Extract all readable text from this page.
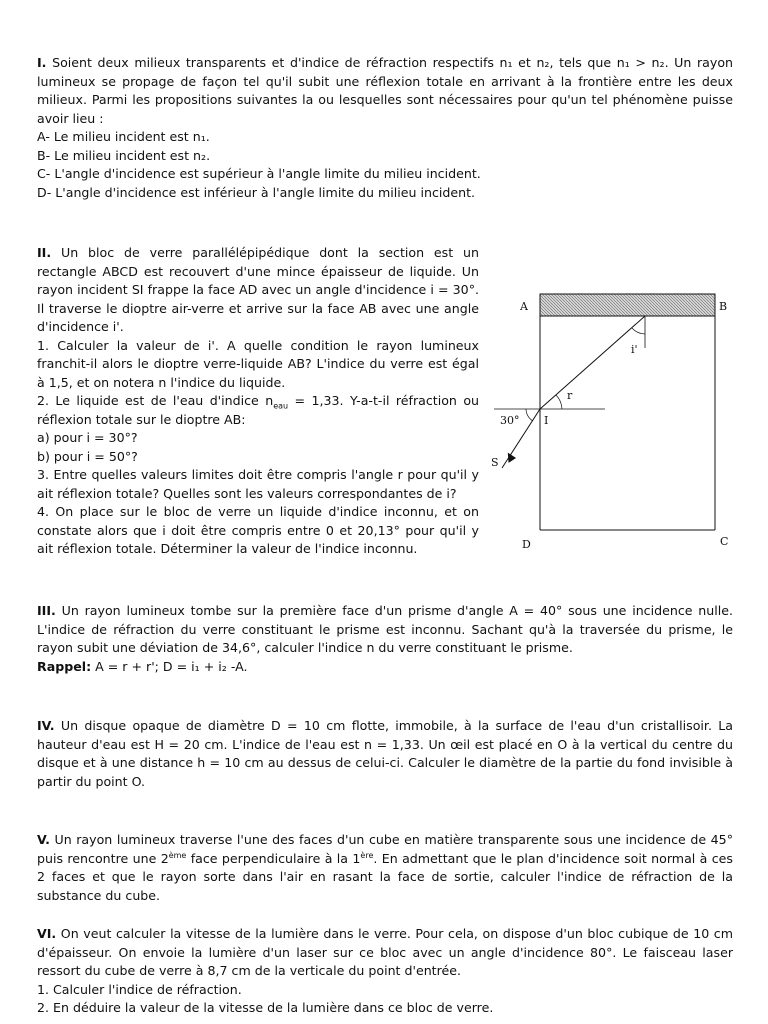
I. Soient deux milieux transparents et d'indice de réfraction respectifs n₁ et n₂, tels que n₁ > n₂. Un rayon lumineux se propage de façon tel qu'il subit une réflexion totale en arrivant à la frontière entre les deux milieux. Parmi les propositions suivantes la ou lesquelles sont nécessaires pour qu'un tel phénomène puisse avoir lieu :

A- Le milieu incident est n₁.

B- Le milieu incident est n₂.

C- L'angle d'incidence est supérieur à l'angle limite du milieu incident.

D- L'angle d'incidence est inférieur à l'angle limite du milieu incident.

II. Un bloc de verre parallélépipédique dont la section est un rectangle ABCD est recouvert d'une mince épaisseur de liquide. Un rayon incident SI frappe la face AD avec un angle d'incidence i = 30°. Il traverse le dioptre air-verre et arrive sur la face AB avec une angle d'incidence i'.

1. Calculer la valeur de i'. A quelle condition le rayon lumineux franchit-il alors le dioptre verre-liquide AB? L'indice du verre est égal à 1,5, et on notera n l'indice du liquide.

2. Le liquide est de l'eau d'indice $n_{eau} = 1,33$. Y-a-t-il réfraction ou réflexion totale sur le dioptre AB:

a) pour i = 30°?

b) pour i = 50°?

3. Entre quelles valeurs limites doit être compris l'angle r pour qu'il y ait réflexion totale? Quelles sont les valeurs correspondantes de i?

4. On place sur le bloc de verre un liquide d'indice inconnu, et on constate alors que i doit être compris entre 0 et 20,13° pour qu'il y ait réflexion totale. Déterminer la valeur de l'indice inconnu.

A	B
C
D
I
S
r
i'
30°

III. Un rayon lumineux tombe sur la première face d'un prisme d'angle A = 40° sous une incidence nulle. L'indice de réfraction du verre constituant le prisme est inconnu. Sachant qu'à la traversée du prisme, le rayon subit une déviation de 34,6°, calculer l'indice n du verre constituant le prisme.

Rappel: A = r + r'; D = i₁ + i₂ -A.

IV. Un disque opaque de diamètre D = 10 cm flotte, immobile, à la surface de l'eau d'un cristallisoir. La hauteur d'eau est H = 20 cm. L'indice de l'eau est n = 1,33. Un œil est placé en O à la vertical du centre du disque et à une distance h = 10 cm au dessus de celui-ci. Calculer le diamètre de la partie du fond invisible à partir du point O.

V. Un rayon lumineux traverse l'une des faces d'un cube en matière transparente sous une incidence de 45° puis rencontre une 2ème face perpendiculaire à la 1ère. En admettant que le plan d'incidence soit normal à ces 2 faces et que le rayon sorte dans l'air en rasant la face de sortie, calculer l'indice de réfraction de la substance du cube.

VI. On veut calculer la vitesse de la lumière dans le verre. Pour cela, on dispose d'un bloc cubique de 10 cm d'épaisseur. On envoie la lumière d'un laser sur ce bloc avec un angle d'incidence 80°. Le faisceau laser ressort du cube de verre à 8,7 cm de la verticale du point d'entrée.

1. Calculer l'indice de réfraction.

2. En déduire la valeur de la vitesse de la lumière dans ce bloc de verre.
